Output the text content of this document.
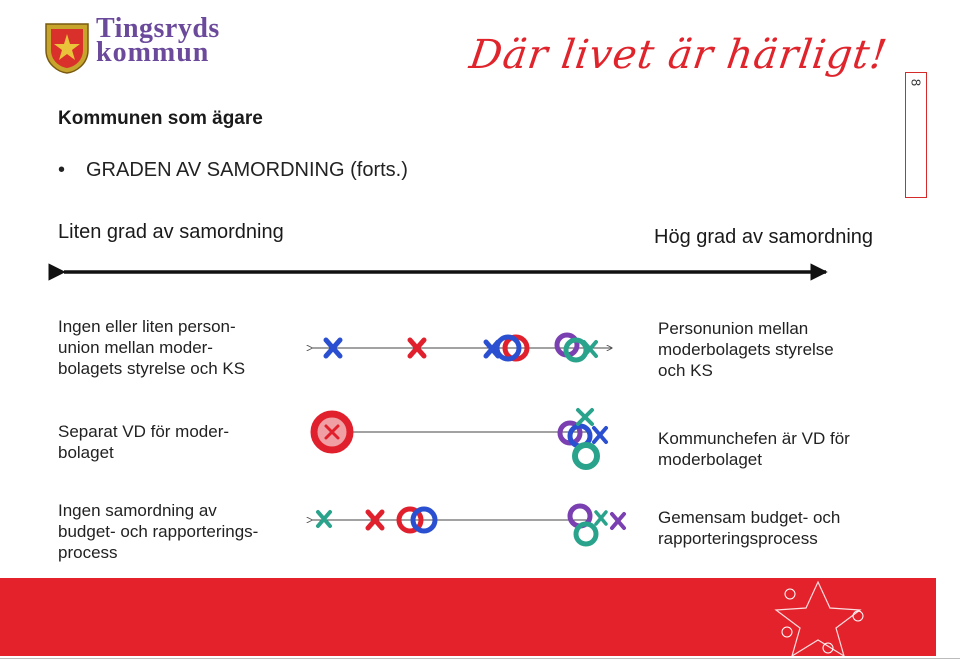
Tingsryds
kommun	Där livet är härligt!
8
Kommunen som ägare
• GRADEN AV SAMORDNING (forts.)
Liten grad av samordning	Hög grad av samordning
Ingen eller liten person-
union mellan moder-
bolagets styrelse och KS
Separat VD för moder-
bolaget
Ingen samordning av
budget- och rapporterings-
process
Personunion mellan
moderbolagets styrelse
och KS
Kommunchefen är VD för
moderbolaget
Gemensam budget- och
rapporteringsprocess
